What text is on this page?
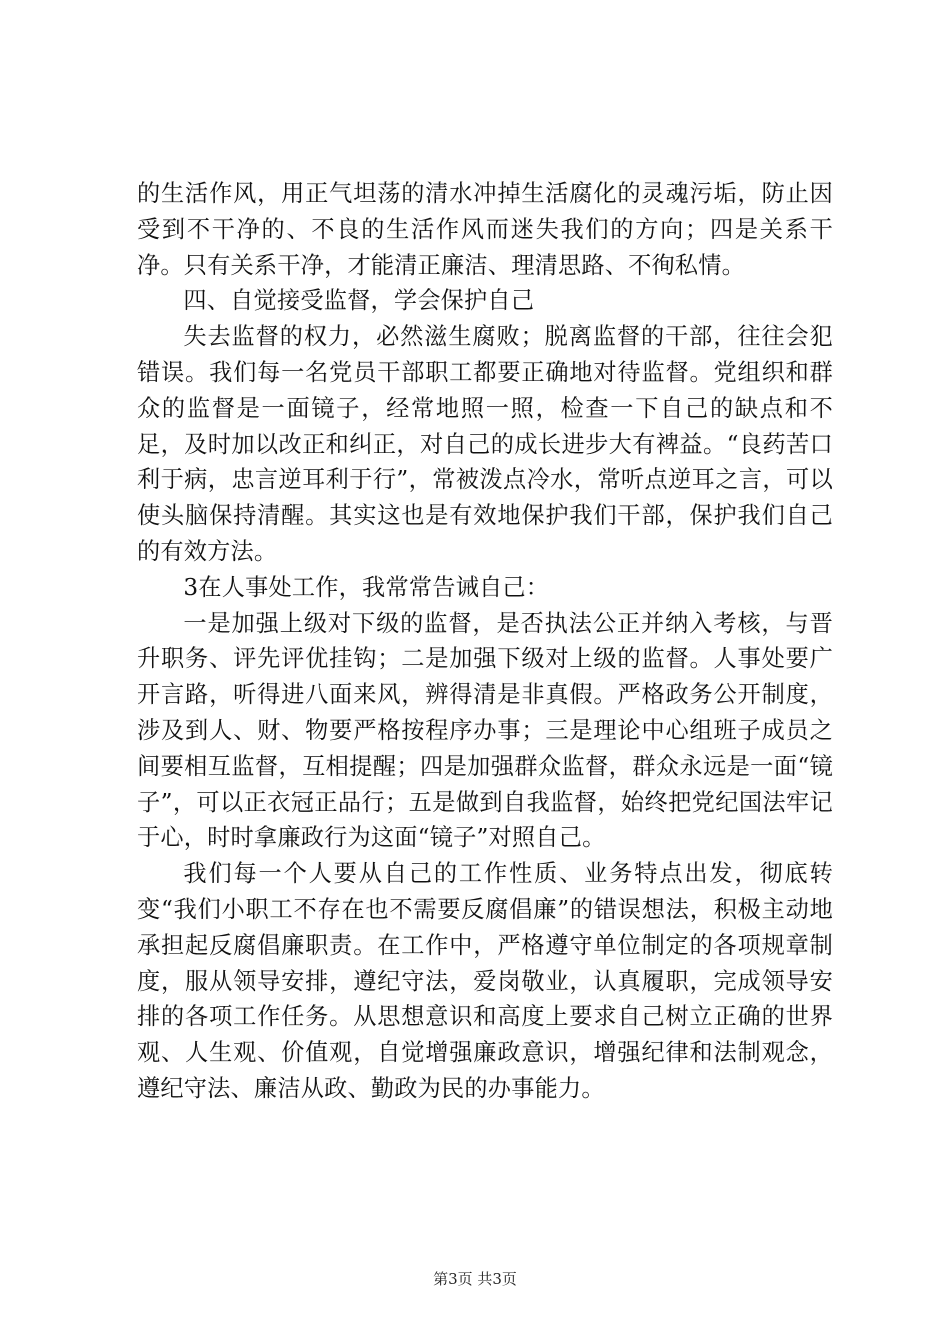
的生活作风，用正气坦荡的清水冲掉生活腐化的灵魂污垢，防止因受到不干净的、不良的生活作风而迷失我们的方向；四是关系干净。只有关系干净，才能清正廉洁、理清思路、不徇私情。

四、自觉接受监督，学会保护自己

失去监督的权力，必然滋生腐败；脱离监督的干部，往往会犯错误。我们每一名党员干部职工都要正确地对待监督。党组织和群众的监督是一面镜子，经常地照一照，检查一下自己的缺点和不足，及时加以改正和纠正，对自己的成长进步大有裨益。“良药苦口利于病，忠言逆耳利于行”，常被泼点冷水，常听点逆耳之言，可以使头脑保持清醒。其实这也是有效地保护我们干部，保护我们自己的有效方法。

3在人事处工作，我常常告诫自己：

一是加强上级对下级的监督，是否执法公正并纳入考核，与晋升职务、评先评优挂钩；二是加强下级对上级的监督。人事处要广开言路，听得进八面来风，辨得清是非真假。严格政务公开制度，涉及到人、财、物要严格按程序办事；三是理论中心组班子成员之间要相互监督，互相提醒；四是加强群众监督，群众永远是一面“镜子”，可以正衣冠正品行；五是做到自我监督，始终把党纪国法牢记于心，时时拿廉政行为这面“镜子”对照自己。

我们每一个人要从自己的工作性质、业务特点出发，彻底转变“我们小职工不存在也不需要反腐倡廉”的错误想法，积极主动地承担起反腐倡廉职责。在工作中，严格遵守单位制定的各项规章制度，服从领导安排，遵纪守法，爱岗敬业，认真履职，完成领导安排的各项工作任务。从思想意识和高度上要求自己树立正确的世界观、人生观、价值观，自觉增强廉政意识，增强纪律和法制观念，遵纪守法、廉洁从政、勤政为民的办事能力。

第3页 共3页
